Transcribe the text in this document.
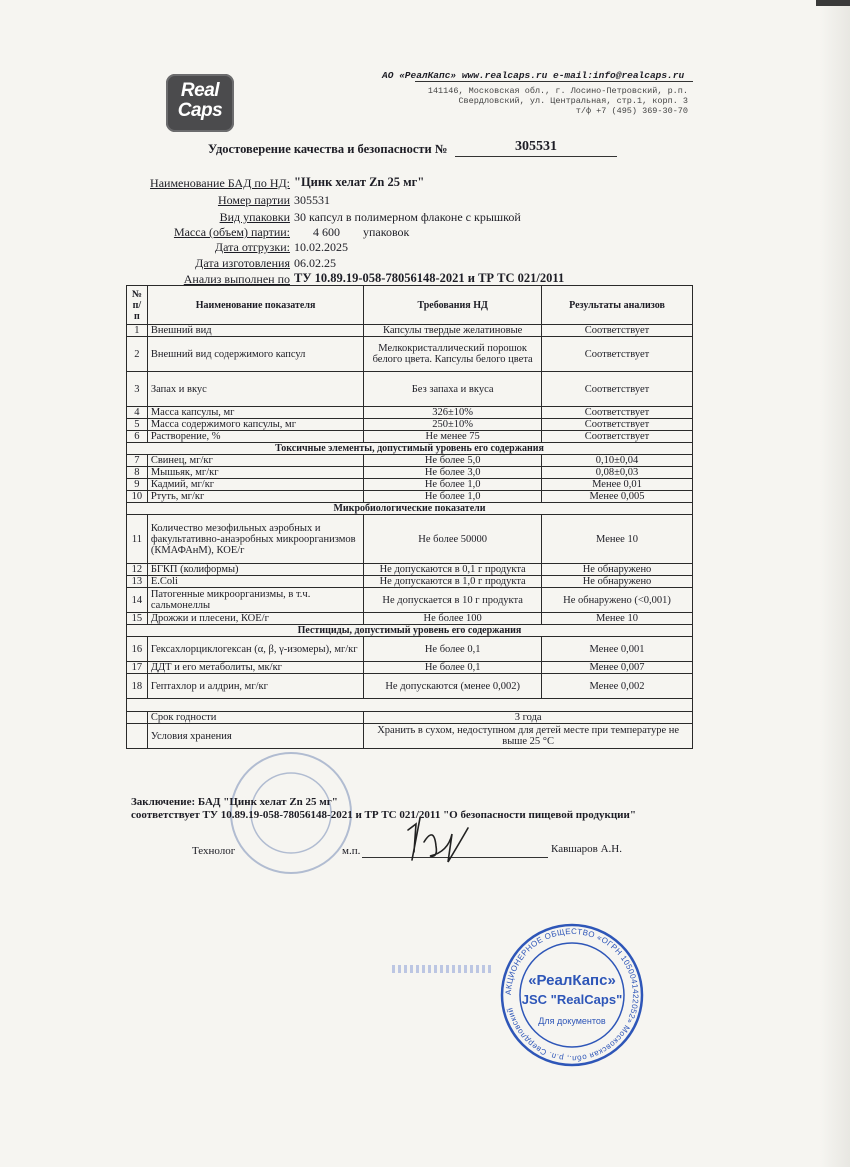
Real
Caps
АО «РеалКапс» www.realcaps.ru e-mail:info@realcaps.ru
141146, Московская обл., г. Лосино-Петровский, р.п.
Свердловский, ул. Центральная, стр.1, корп. 3
т/ф +7 (495) 369-30-70
Удостоверение качества и безопасности №	305531
Наименование БАД по НД: "Цинк хелат Zn 25 мг"
Номер партии 305531
Вид упаковки 30 капсул в полимерном флаконе с крышкой
Масса (объем) партии: 4 600 упаковок
Дата отгрузки: 10.02.2025
Дата изготовления 06.02.25
Анализ выполнен по ТУ 10.89.19-058-78056148-2021 и ТР ТС 021/2011
№
п/п	Наименование показателя	Требования НД	Результаты анализов
1	Внешний вид	Капсулы твердые желатиновые	Соответствует
2	Внешний вид содержимого капсул	Мелкокристаллический порошок белого цвета. Капсулы белого цвета	Соответствует
3	Запах и вкус	Без запаха и вкуса	Соответствует
4	Масса капсулы, мг	326±10%	Соответствует
5	Масса содержимого капсулы, мг	250±10%	Соответствует
6	Растворение, %	Не менее 75	Соответствует
Токсичные элементы, допустимый уровень его содержания			
7	Свинец, мг/кг	Не более 5,0	0,10±0,04
8	Мышьяк, мг/кг	Не более 3,0	0,08±0,03
9	Кадмий, мг/кг	Не более 1,0	Менее 0,01
10	Ртуть, мг/кг	Не более 1,0	Менее 0,005
Микробиологические показатели			
11	Количество мезофильных аэробных и факультативно-анаэробных микроорганизмов (КМАФАнМ), КОЕ/г	Не более 50000	Менее 10
12	БГКП (колиформы)	Не допускаются в 0,1 г продукта	Не обнаружено
13	E.Coli	Не допускаются в 1,0 г продукта	Не обнаружено
14	Патогенные микроорганизмы, в т.ч. сальмонеллы	Не допускается в 10 г продукта	Не обнаружено (<0,001)
15	Дрожжи и плесени, КОЕ/г	Не более 100	Менее 10
Пестициды, допустимый уровень его содержания			
16	Гексахлорциклогексан (α, β, γ-изомеры), мг/кг	Не более 0,1	Менее 0,001
17	ДДТ и его метаболиты, мк/кг	Не более 0,1	Менее 0,007
18	Гептахлор и алдрин, мг/кг	Не допускаются (менее 0,002)	Менее 0,002

	Срок годности	3 года	
	Условия хранения	Хранить в сухом, недоступном для детей месте при температуре не выше 25 °С	
Заключение: БАД "Цинк хелат Zn 25 мг"
соответствует ТУ 10.89.19-058-78056148-2021 и ТР ТС 021/2011 "О безопасности пищевой продукции"
Технолог	м.п.	Кавшаров А.Н.
АКЦИОНЕРНОЕ ОБЩЕСТВО «ОГРН 1050041422052» Московская обл., р.п. Свердловский
«РеалКапс»
JSC "RealCaps"
Для документов
